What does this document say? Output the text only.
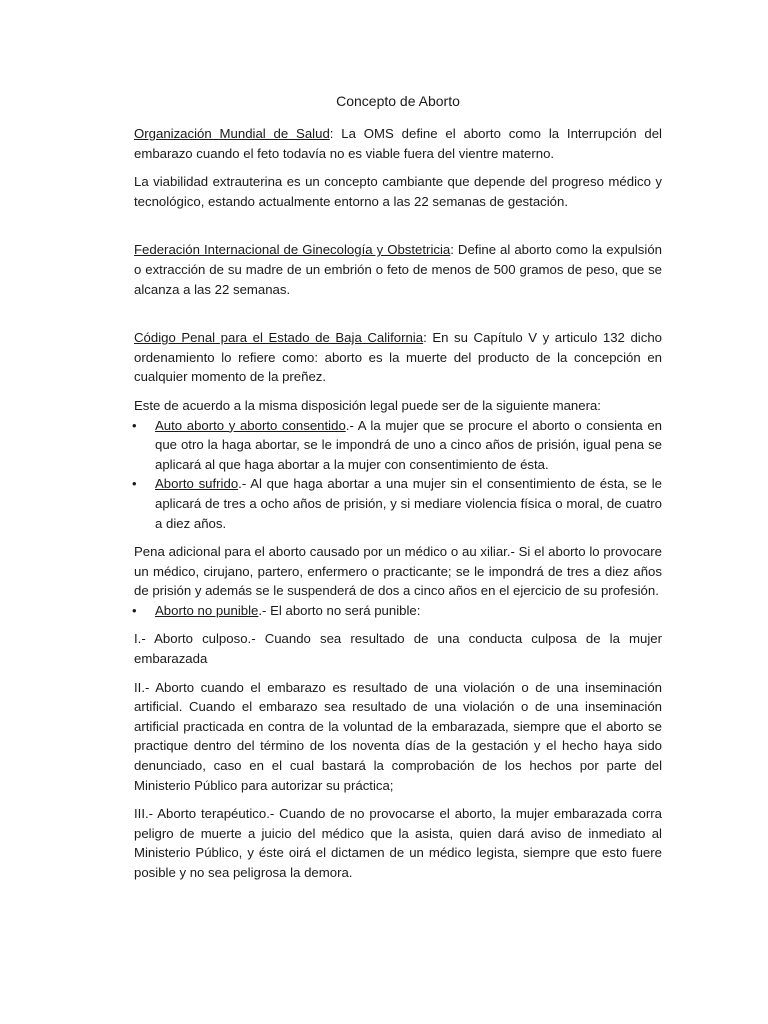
Concepto de Aborto

Organización Mundial de Salud: La OMS define el aborto como la Interrupción del embarazo cuando el feto todavía no es viable fuera del vientre materno.

La viabilidad extrauterina es un concepto cambiante que depende del progreso médico y tecnológico, estando actualmente entorno a las 22 semanas de gestación.

Federación Internacional de Ginecología y Obstetricia: Define al aborto como la expulsión o extracción de su madre de un embrión o feto de menos de 500 gramos de peso, que se alcanza a las 22 semanas.

Código Penal para el Estado de Baja California: En su Capítulo V y articulo 132 dicho ordenamiento lo refiere como: aborto es la muerte del producto de la concepción en cualquier momento de la preñez.

Este de acuerdo a la misma disposición legal puede ser de la siguiente manera:

• Auto aborto y aborto consentido.- A la mujer que se procure el aborto o consienta en que otro la haga abortar, se le impondrá de uno a cinco años de prisión, igual pena se aplicará al que haga abortar a la mujer con consentimiento de ésta.
• Aborto sufrido.- Al que haga abortar a una mujer sin el consentimiento de ésta, se le aplicará de tres a ocho años de prisión, y si mediare violencia física o moral, de cuatro a diez años.

Pena adicional para el aborto causado por un médico o au xiliar.- Si el aborto lo provocare un médico, cirujano, partero, enfermero o practicante; se le impondrá de tres a diez años de prisión y además se le suspenderá de dos a cinco años en el ejercicio de su profesión.

• Aborto no punible.- El aborto no será punible:

I.- Aborto culposo.- Cuando sea resultado de una conducta culposa de la mujer embarazada

II.- Aborto cuando el embarazo es resultado de una violación o de una inseminación artificial. Cuando el embarazo sea resultado de una violación o de una inseminación artificial practicada en contra de la voluntad de la embarazada, siempre que el aborto se practique dentro del término de los noventa días de la gestación y el hecho haya sido denunciado, caso en el cual bastará la comprobación de los hechos por parte del Ministerio Público para autorizar su práctica;

III.- Aborto terapéutico.- Cuando de no provocarse el aborto, la mujer embarazada corra peligro de muerte a juicio del médico que la asista, quien dará aviso de inmediato al Ministerio Público, y éste oirá el dictamen de un médico legista, siempre que esto fuere posible y no sea peligrosa la demora.
